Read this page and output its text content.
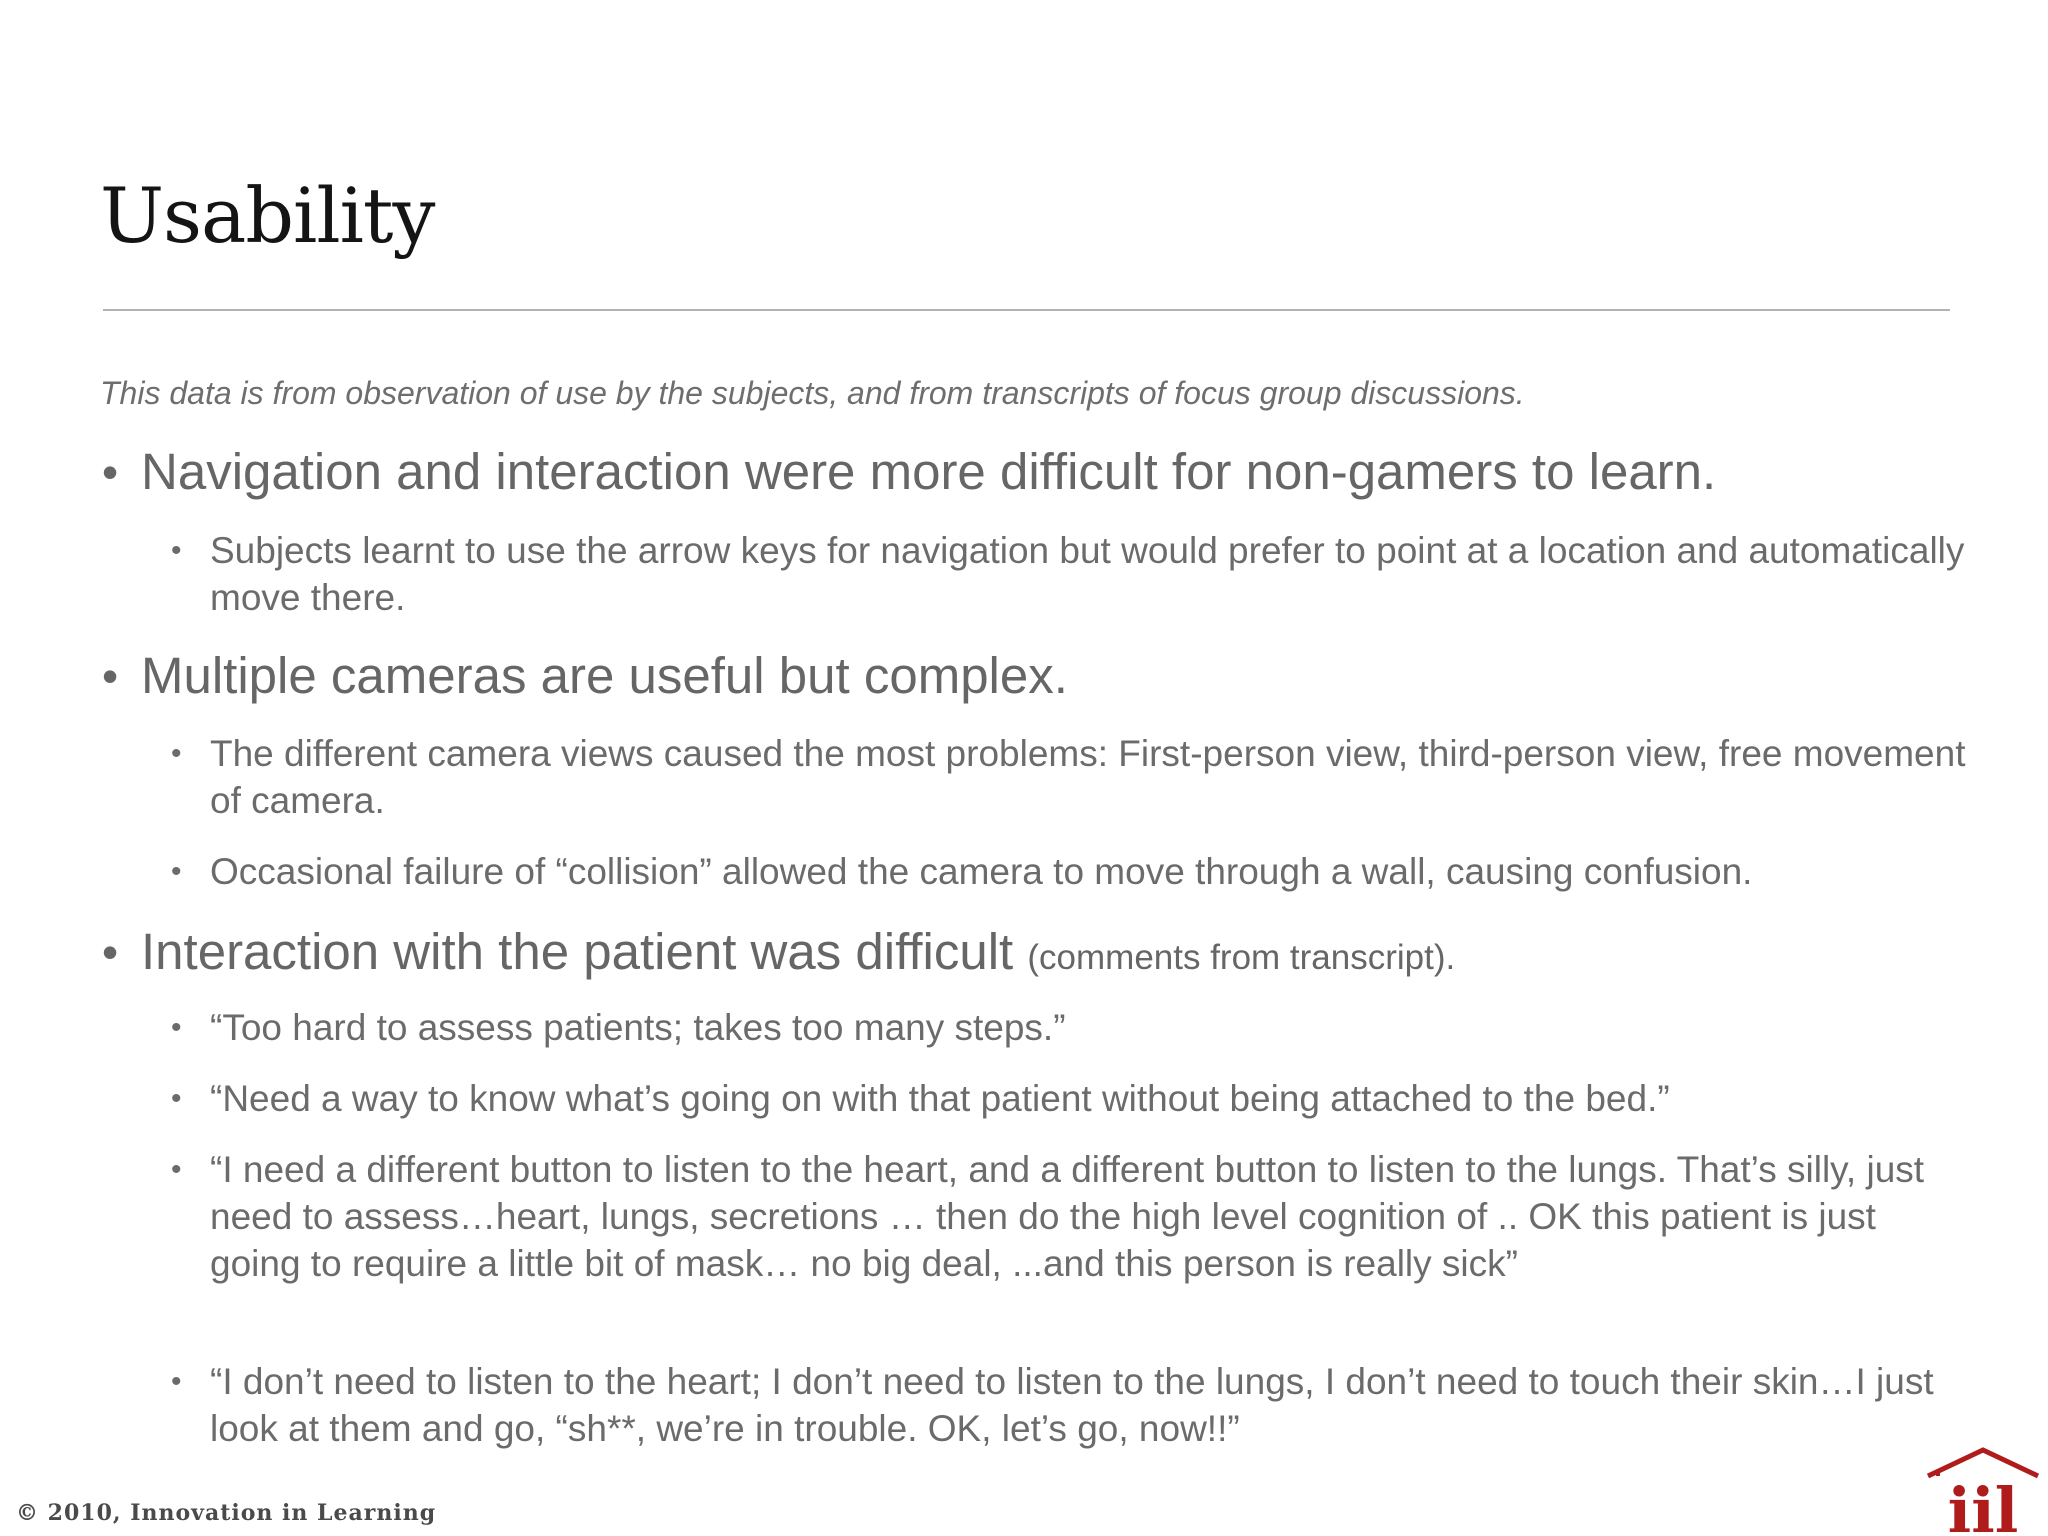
Usability
This data is from observation of use by the subjects, and from transcripts of focus group discussions.

• Navigation and interaction were more difficult for non-gamers to learn.

• Subjects learnt to use the arrow keys for navigation but would prefer to point at a location and automatically move there.

• Multiple cameras are useful but complex.

• The different camera views caused the most problems: First-person view, third-person view, free movement of camera.

• Occasional failure of “collision” allowed the camera to move through a wall, causing confusion.

• Interaction with the patient was difficult (comments from transcript).

• “Too hard to assess patients; takes too many steps.”

• “Need a way to know what’s going on with that patient without being attached to the bed.”

• “I need a different button to listen to the heart, and a different button to listen to the lungs. That’s silly, just need to assess…heart, lungs, secretions … then do the high level cognition of .. OK this patient is just going to require a little bit of mask… no big deal, ...and this person is really sick”

• “I don’t need to listen to the heart; I don’t need to listen to the lungs, I don’t need to touch their skin…I just look at them and go, “sh**, we’re in trouble. OK, let’s go, now!!”

© 2010, Innovation in Learning	iil
